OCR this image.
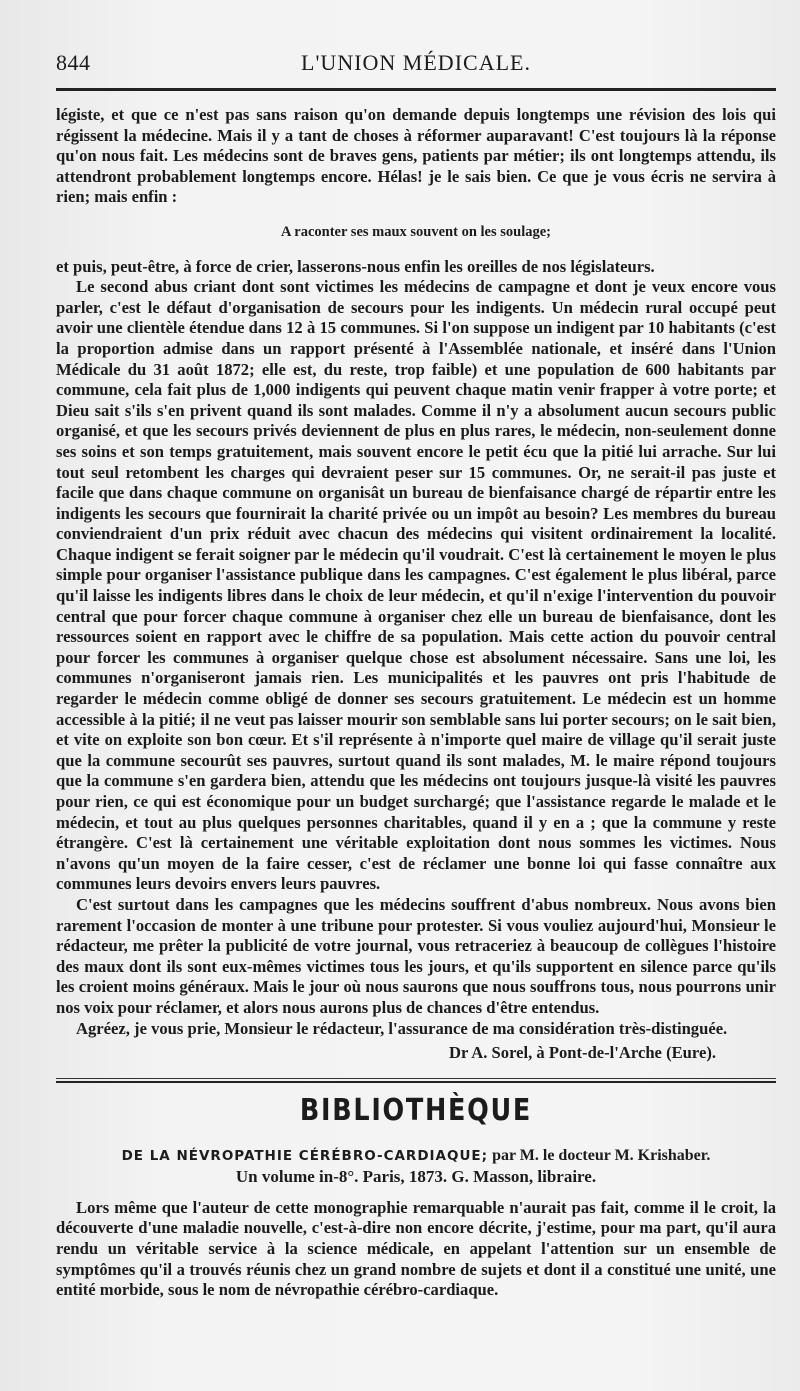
844	L'UNION MÉDICALE.

légiste, et que ce n'est pas sans raison qu'on demande depuis longtemps une révision des lois qui régissent la médecine. Mais il y a tant de choses à réformer auparavant! C'est toujours là la réponse qu'on nous fait. Les médecins sont de braves gens, patients par métier; ils ont longtemps attendu, ils attendront probablement longtemps encore. Hélas! je le sais bien. Ce que je vous écris ne servira à rien; mais enfin :

A raconter ses maux souvent on les soulage;

et puis, peut-être, à force de crier, lasserons-nous enfin les oreilles de nos législateurs.

Le second abus criant dont sont victimes les médecins de campagne et dont je veux encore vous parler, c'est le défaut d'organisation de secours pour les indigents. Un médecin rural occupé peut avoir une clientèle étendue dans 12 à 15 communes. Si l'on suppose un indigent par 10 habitants (c'est la proportion admise dans un rapport présenté à l'Assemblée nationale, et inséré dans l'Union Médicale du 31 août 1872; elle est, du reste, trop faible) et une population de 600 habitants par commune, cela fait plus de 1,000 indigents qui peuvent chaque matin venir frapper à votre porte; et Dieu sait s'ils s'en privent quand ils sont malades. Comme il n'y a absolument aucun secours public organisé, et que les secours privés deviennent de plus en plus rares, le médecin, non-seulement donne ses soins et son temps gratuitement, mais souvent encore le petit écu que la pitié lui arrache. Sur lui tout seul retombent les charges qui devraient peser sur 15 communes. Or, ne serait-il pas juste et facile que dans chaque commune on organisât un bureau de bienfaisance chargé de répartir entre les indigents les secours que fournirait la charité privée ou un impôt au besoin? Les membres du bureau conviendraient d'un prix réduit avec chacun des médecins qui visitent ordinairement la localité. Chaque indigent se ferait soigner par le médecin qu'il voudrait. C'est là certainement le moyen le plus simple pour organiser l'assistance publique dans les campagnes. C'est également le plus libéral, parce qu'il laisse les indigents libres dans le choix de leur médecin, et qu'il n'exige l'intervention du pouvoir central que pour forcer chaque commune à organiser chez elle un bureau de bienfaisance, dont les ressources soient en rapport avec le chiffre de sa population. Mais cette action du pouvoir central pour forcer les communes à organiser quelque chose est absolument nécessaire. Sans une loi, les communes n'organiseront jamais rien. Les municipalités et les pauvres ont pris l'habitude de regarder le médecin comme obligé de donner ses secours gratuitement. Le médecin est un homme accessible à la pitié; il ne veut pas laisser mourir son semblable sans lui porter secours; on le sait bien, et vite on exploite son bon cœur. Et s'il représente à n'importe quel maire de village qu'il serait juste que la commune secourût ses pauvres, surtout quand ils sont malades, M. le maire répond toujours que la commune s'en gardera bien, attendu que les médecins ont toujours jusque-là visité les pauvres pour rien, ce qui est économique pour un budget surchargé; que l'assistance regarde le malade et le médecin, et tout au plus quelques personnes charitables, quand il y en a ; que la commune y reste étrangère. C'est là certainement une véritable exploitation dont nous sommes les victimes. Nous n'avons qu'un moyen de la faire cesser, c'est de réclamer une bonne loi qui fasse connaître aux communes leurs devoirs envers leurs pauvres.

C'est surtout dans les campagnes que les médecins souffrent d'abus nombreux. Nous avons bien rarement l'occasion de monter à une tribune pour protester. Si vous vouliez aujourd'hui, Monsieur le rédacteur, me prêter la publicité de votre journal, vous retraceriez à beaucoup de collègues l'histoire des maux dont ils sont eux-mêmes victimes tous les jours, et qu'ils supportent en silence parce qu'ils les croient moins généraux. Mais le jour où nous saurons que nous souffrons tous, nous pourrons unir nos voix pour réclamer, et alors nous aurons plus de chances d'être entendus.

Agréez, je vous prie, Monsieur le rédacteur, l'assurance de ma considération très-distinguée.

Dr A. Sorel, à Pont-de-l'Arche (Eure).

BIBLIOTHÈQUE
DE LA NÉVROPATHIE CÉRÉBRO-CARDIAQUE; par M. le docteur M. Krishaber.
Un volume in-8°. Paris, 1873. G. Masson, libraire.

Lors même que l'auteur de cette monographie remarquable n'aurait pas fait, comme il le croit, la découverte d'une maladie nouvelle, c'est-à-dire non encore décrite, j'estime, pour ma part, qu'il aura rendu un véritable service à la science médicale, en appelant l'attention sur un ensemble de symptômes qu'il a trouvés réunis chez un grand nombre de sujets et dont il a constitué une unité, une entité morbide, sous le nom de névropathie cérébro-cardiaque.
